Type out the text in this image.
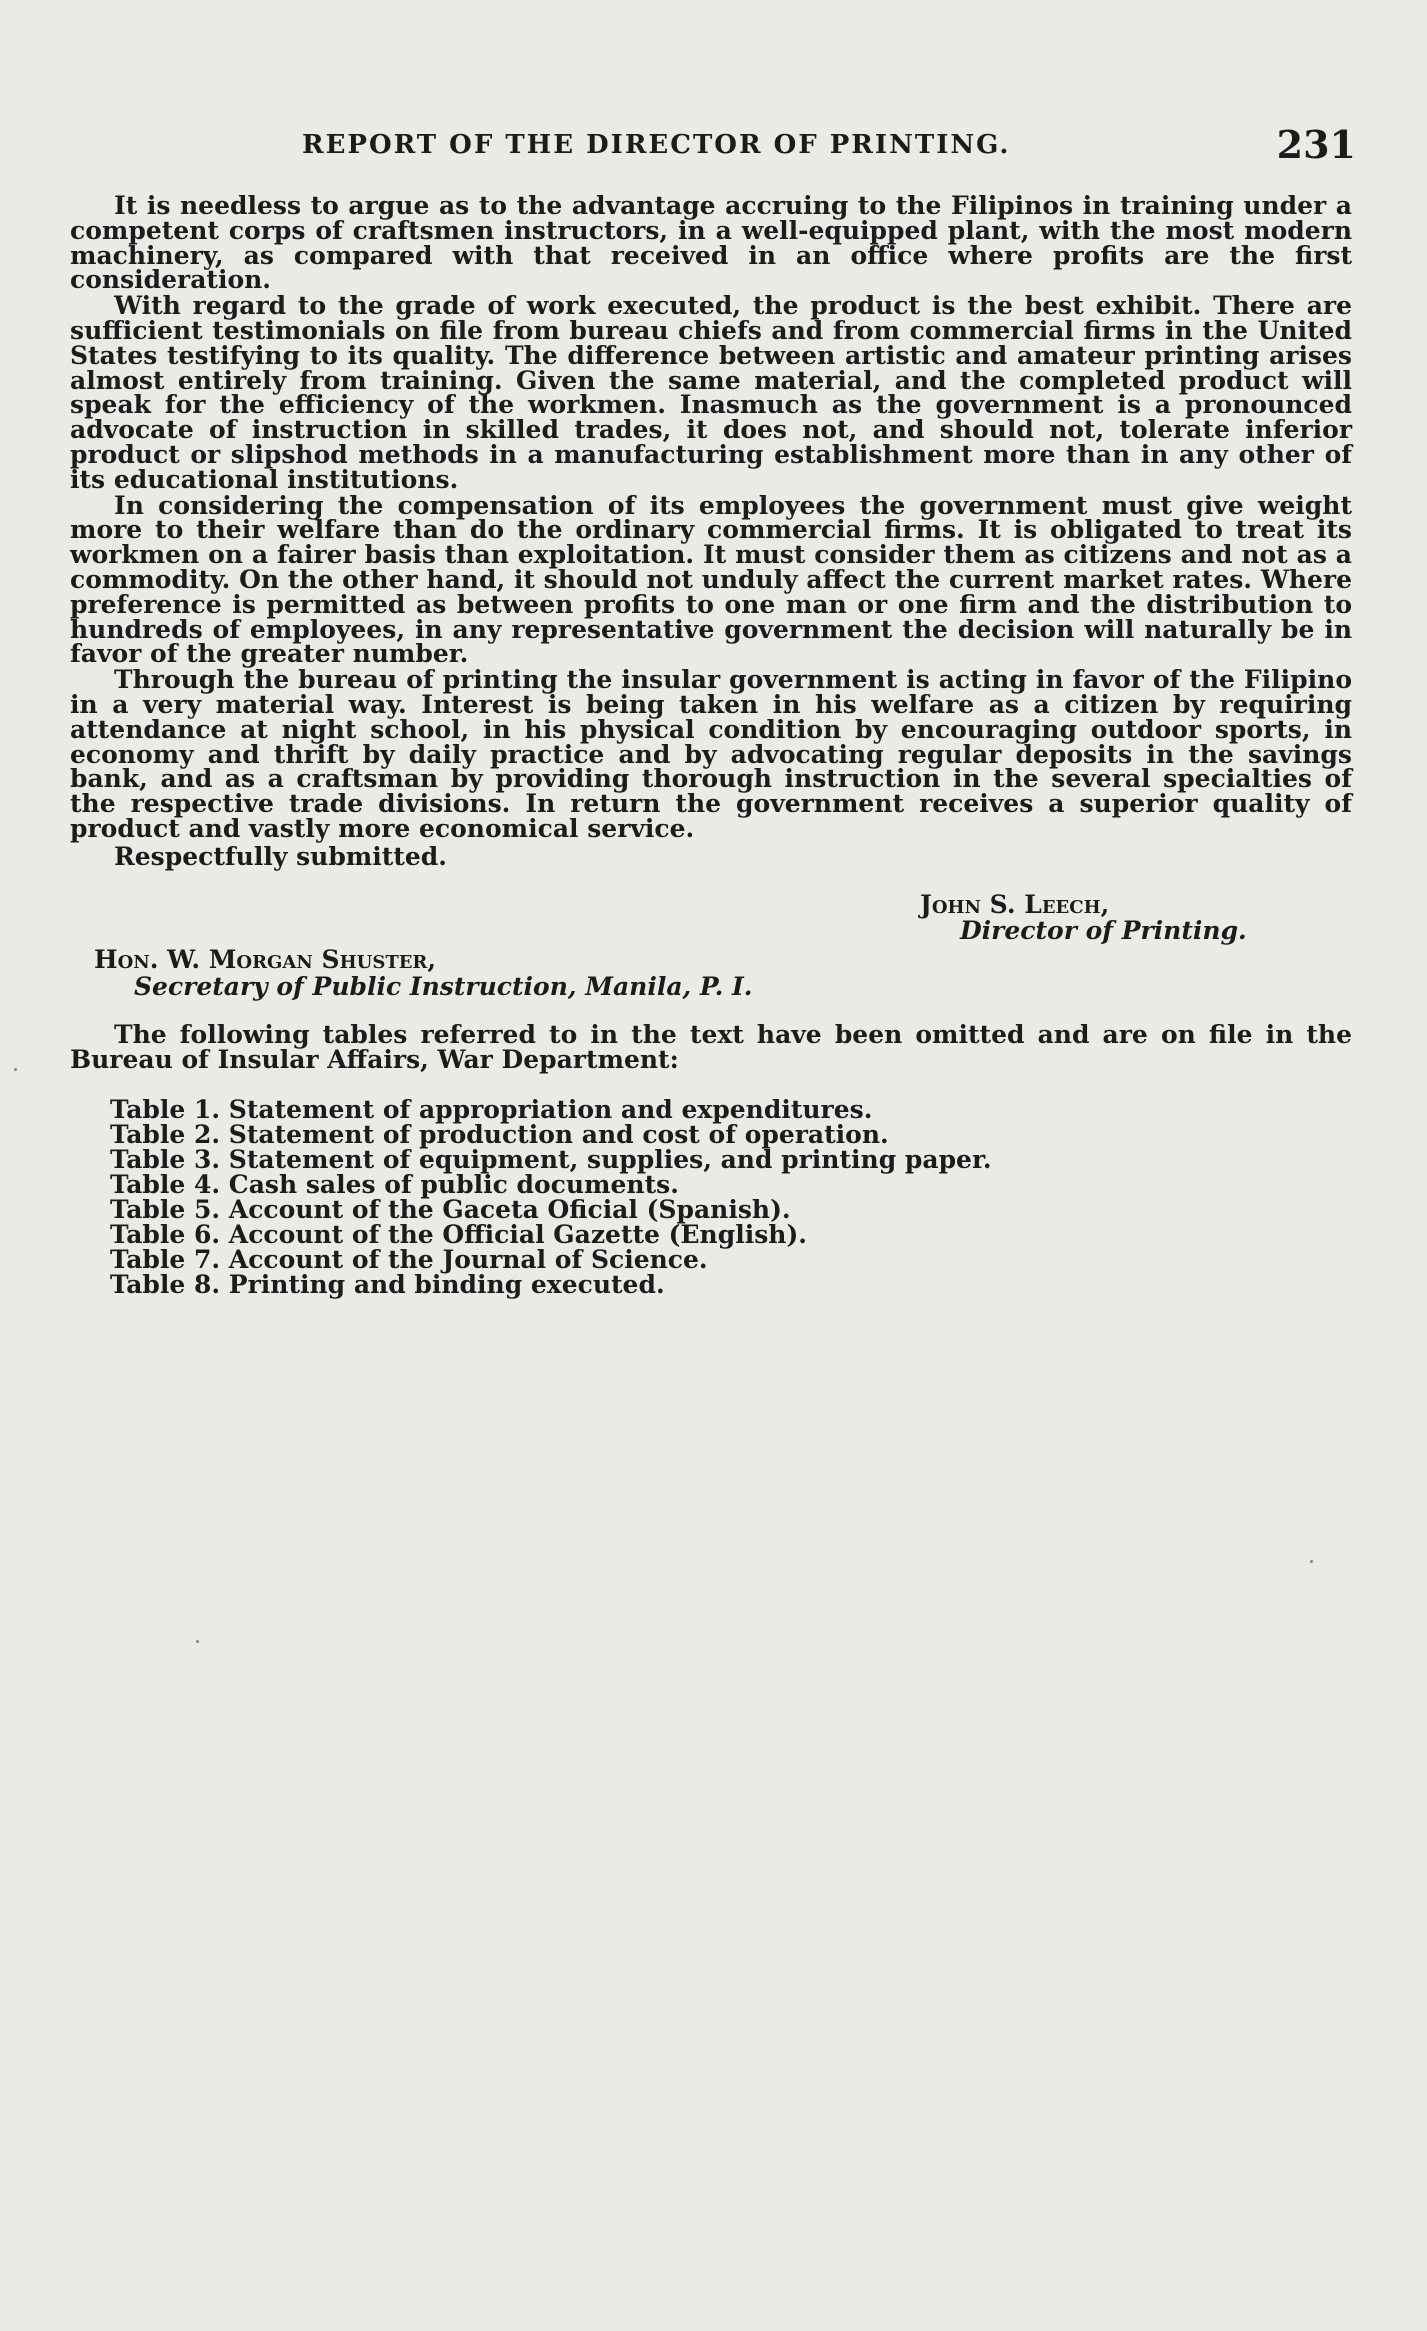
REPORT OF THE DIRECTOR OF PRINTING.	231

It is needless to argue as to the advantage accruing to the Filipinos in training under a competent corps of craftsmen instructors, in a well-equipped plant, with the most modern machinery, as compared with that received in an office where profits are the first consideration.

With regard to the grade of work executed, the product is the best exhibit. There are sufficient testimonials on file from bureau chiefs and from commercial firms in the United States testifying to its quality. The difference between artistic and amateur printing arises almost entirely from training. Given the same material, and the completed product will speak for the efficiency of the workmen. Inasmuch as the government is a pronounced advocate of instruction in skilled trades, it does not, and should not, tolerate inferior product or slipshod methods in a manufacturing establishment more than in any other of its educational institutions.

In considering the compensation of its employees the government must give weight more to their welfare than do the ordinary commercial firms. It is obligated to treat its workmen on a fairer basis than exploitation. It must consider them as citizens and not as a commodity. On the other hand, it should not unduly affect the current market rates. Where preference is permitted as between profits to one man or one firm and the distribution to hundreds of employees, in any representative government the decision will naturally be in favor of the greater number.

Through the bureau of printing the insular government is acting in favor of the Filipino in a very material way. Interest is being taken in his welfare as a citizen by requiring attendance at night school, in his physical condition by encouraging outdoor sports, in economy and thrift by daily practice and by advocating regular deposits in the savings bank, and as a craftsman by providing thorough instruction in the several specialties of the respective trade divisions. In return the government receives a superior quality of product and vastly more economical service.

Respectfully submitted.
John S. Leech,
Director of Printing.
Hon. W. Morgan Shuster,
Secretary of Public Instruction, Manila, P. I.

The following tables referred to in the text have been omitted and are on file in the Bureau of Insular Affairs, War Department:

Table 1. Statement of appropriation and expenditures.
Table 2. Statement of production and cost of operation.
Table 3. Statement of equipment, supplies, and printing paper.
Table 4. Cash sales of public documents.
Table 5. Account of the Gaceta Oficial (Spanish).
Table 6. Account of the Official Gazette (English).
Table 7. Account of the Journal of Science.
Table 8. Printing and binding executed.
